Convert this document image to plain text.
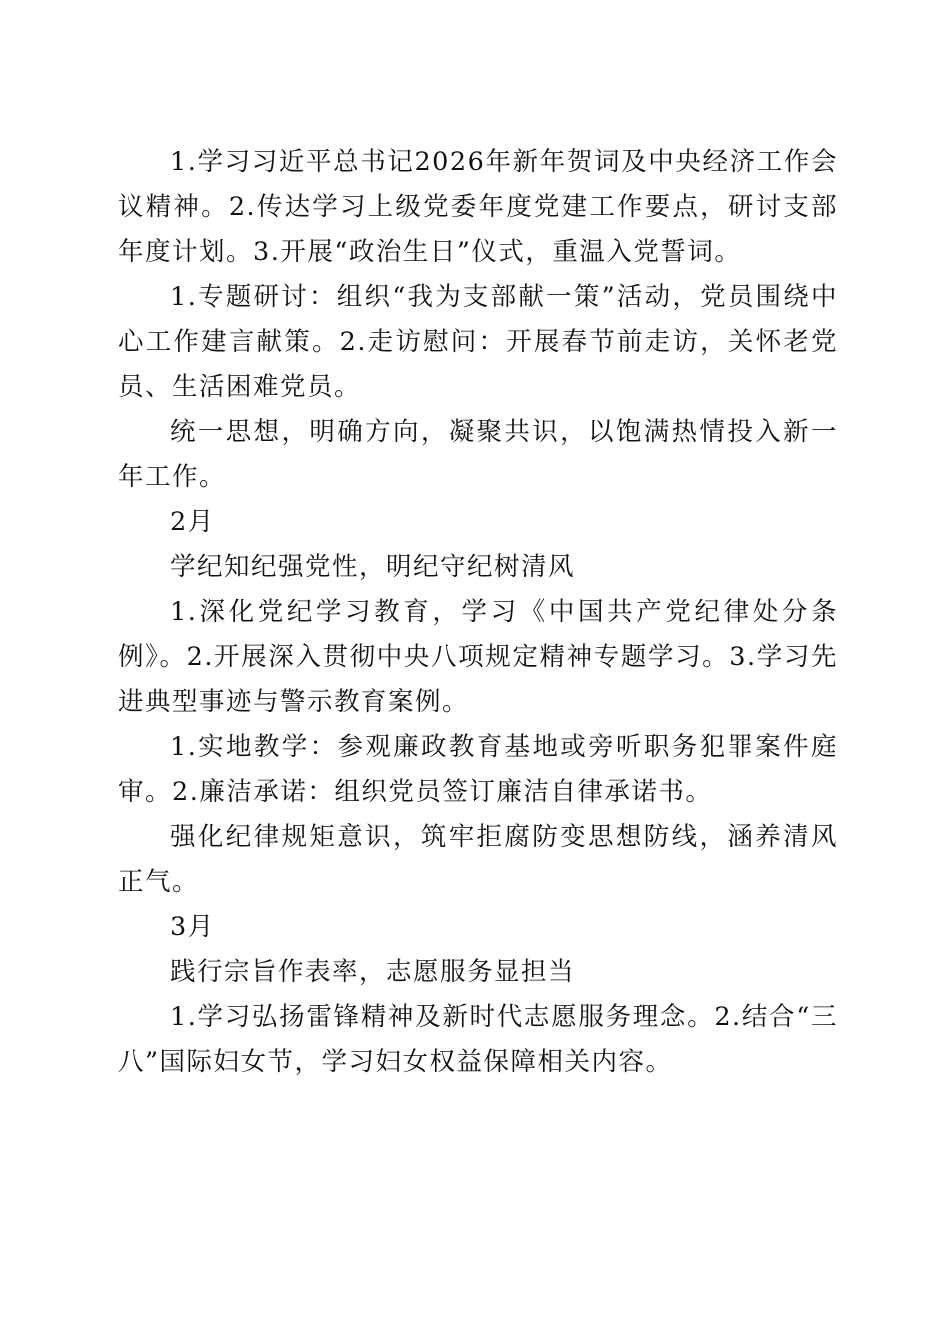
1.学习习近平总书记2026年新年贺词及中央经济工作会议精神。2.传达学习上级党委年度党建工作要点，研讨支部年度计划。3.开展“政治生日”仪式，重温入党誓词。

1.专题研讨：组织“我为支部献一策”活动，党员围绕中心工作建言献策。2.走访慰问：开展春节前走访，关怀老党员、生活困难党员。

统一思想，明确方向，凝聚共识，以饱满热情投入新一年工作。

2月

学纪知纪强党性，明纪守纪树清风

1.深化党纪学习教育，学习《中国共产党纪律处分条例》。2.开展深入贯彻中央八项规定精神专题学习。3.学习先进典型事迹与警示教育案例。

1.实地教学：参观廉政教育基地或旁听职务犯罪案件庭审。2.廉洁承诺：组织党员签订廉洁自律承诺书。

强化纪律规矩意识，筑牢拒腐防变思想防线，涵养清风正气。

3月

践行宗旨作表率，志愿服务显担当

1.学习弘扬雷锋精神及新时代志愿服务理念。2.结合“三八”国际妇女节，学习妇女权益保障相关内容。
